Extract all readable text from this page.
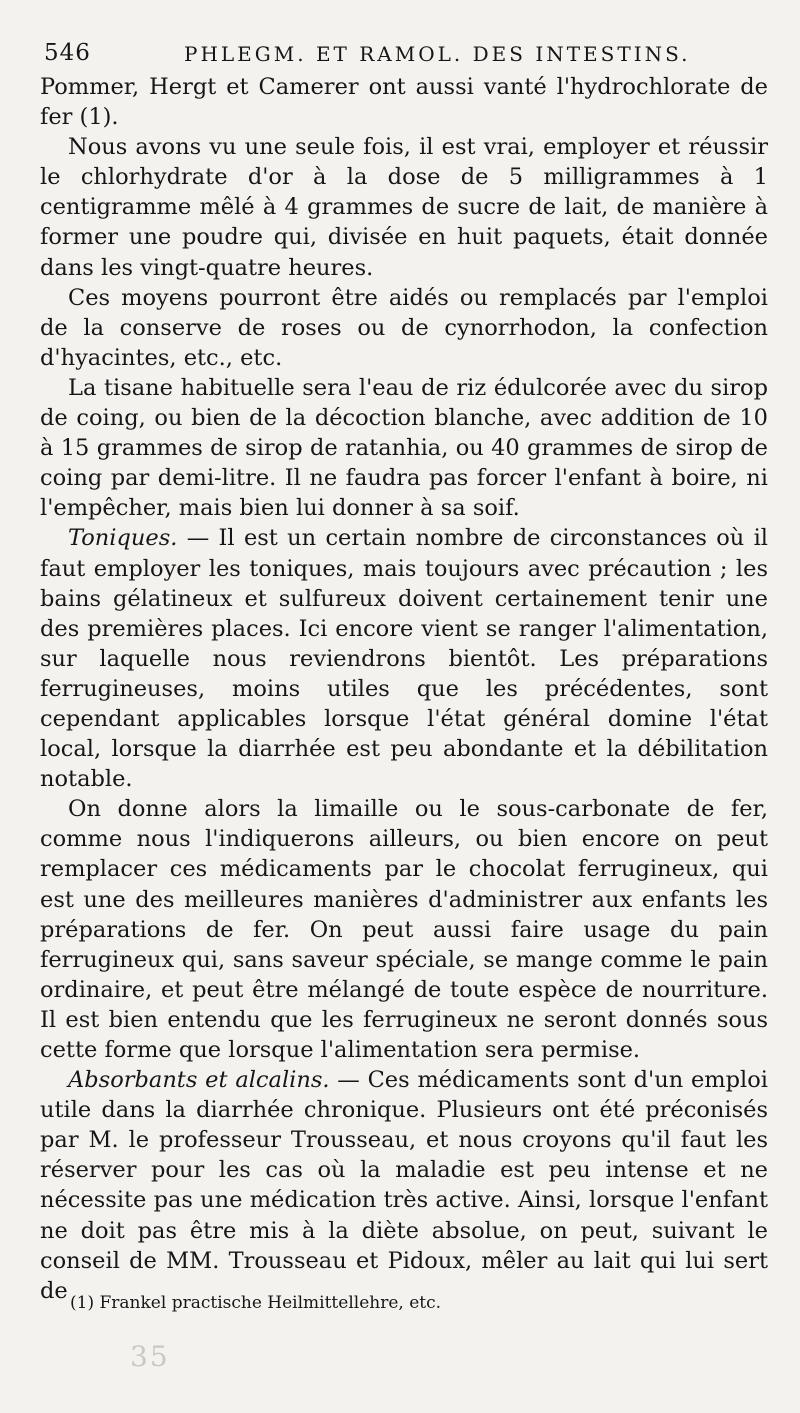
546	PHLEGM. ET RAMOL. DES INTESTINS.

Pommer, Hergt et Camerer ont aussi vanté l'hydrochlorate de fer (1).

Nous avons vu une seule fois, il est vrai, employer et réussir le chlorhydrate d'or à la dose de 5 milligrammes à 1 centigramme mêlé à 4 grammes de sucre de lait, de manière à former une poudre qui, divisée en huit paquets, était donnée dans les vingt-quatre heures.

Ces moyens pourront être aidés ou remplacés par l'emploi de la conserve de roses ou de cynorrhodon, la confection d'hyacintes, etc., etc.

La tisane habituelle sera l'eau de riz édulcorée avec du sirop de coing, ou bien de la décoction blanche, avec addition de 10 à 15 grammes de sirop de ratanhia, ou 40 grammes de sirop de coing par demi-litre. Il ne faudra pas forcer l'enfant à boire, ni l'empêcher, mais bien lui donner à sa soif.

Toniques. — Il est un certain nombre de circonstances où il faut employer les toniques, mais toujours avec précaution ; les bains gélatineux et sulfureux doivent certainement tenir une des premières places. Ici encore vient se ranger l'alimentation, sur laquelle nous reviendrons bientôt. Les préparations ferrugineuses, moins utiles que les précédentes, sont cependant applicables lorsque l'état général domine l'état local, lorsque la diarrhée est peu abondante et la débilitation notable.

On donne alors la limaille ou le sous-carbonate de fer, comme nous l'indiquerons ailleurs, ou bien encore on peut remplacer ces médicaments par le chocolat ferrugineux, qui est une des meilleures manières d'administrer aux enfants les préparations de fer. On peut aussi faire usage du pain ferrugineux qui, sans saveur spéciale, se mange comme le pain ordinaire, et peut être mélangé de toute espèce de nourriture. Il est bien entendu que les ferrugineux ne seront donnés sous cette forme que lorsque l'alimentation sera permise.

Absorbants et alcalins. — Ces médicaments sont d'un emploi utile dans la diarrhée chronique. Plusieurs ont été préconisés par M. le professeur Trousseau, et nous croyons qu'il faut les réserver pour les cas où la maladie est peu intense et ne nécessite pas une médication très active. Ainsi, lorsque l'enfant ne doit pas être mis à la diète absolue, on peut, suivant le conseil de MM. Trousseau et Pidoux, mêler au lait qui lui sert de (1) Frankel practische Heilmittellehre, etc.
35
